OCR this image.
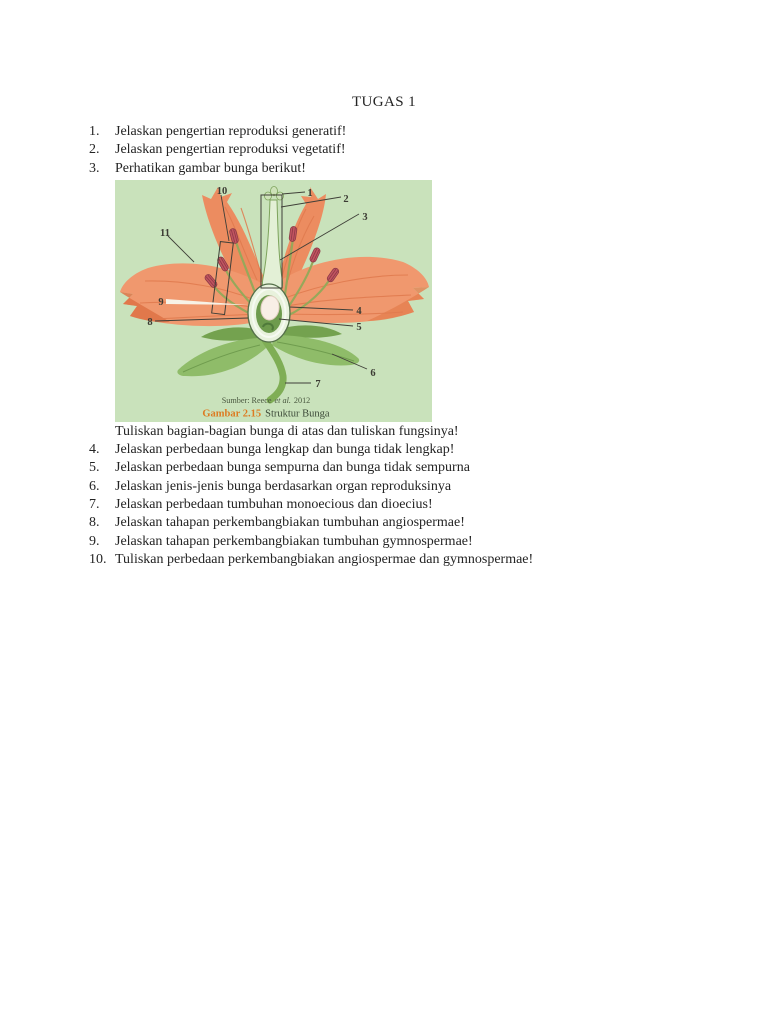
TUGAS 1
1.	Jelaskan pengertian reproduksi generatif!
2.	Jelaskan pengertian reproduksi vegetatif!
3.	Perhatikan gambar bunga berikut!
1
2
3
4
5
6
7
8
9
10
11
Sumber: Reece et al. 2012
Gambar 2.15 Struktur Bunga
Tuliskan bagian-bagian bunga di atas dan tuliskan fungsinya!
4.	Jelaskan perbedaan bunga lengkap dan bunga tidak lengkap!
5.	Jelaskan perbedaan bunga sempurna dan bunga tidak sempurna
6.	Jelaskan jenis-jenis bunga berdasarkan organ reproduksinya
7.	Jelaskan perbedaan tumbuhan monoecious dan dioecius!
8.	Jelaskan tahapan perkembangbiakan tumbuhan angiospermae!
9.	Jelaskan tahapan perkembangbiakan tumbuhan gymnospermae!
10. Tuliskan perbedaan perkembangbiakan angiospermae dan gymnospermae!
